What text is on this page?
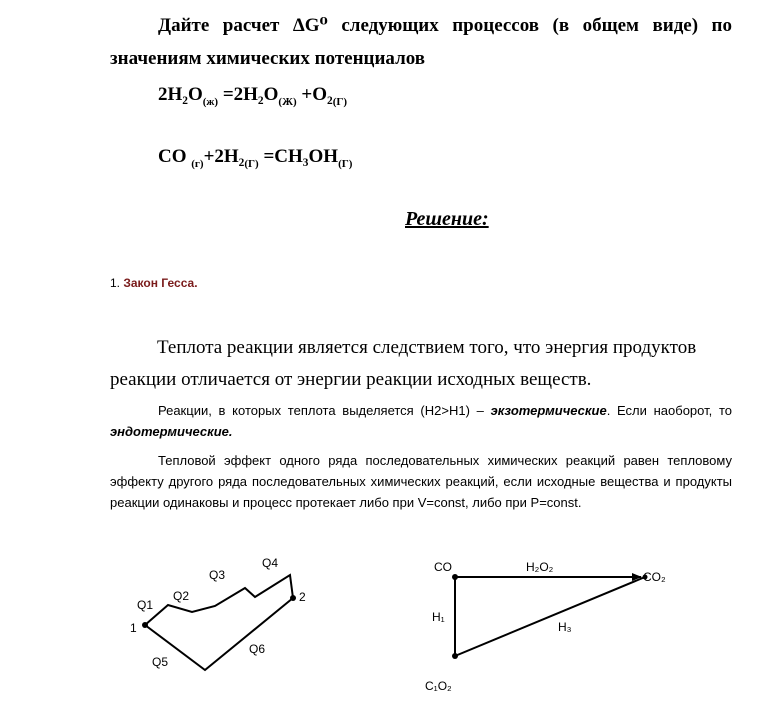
Дайте расчет ΔG⁰ следующих процессов (в общем виде) по
значениям химических потенциалов
$2H_2O_{(ж)} =2H_2O_{(Ж)} +O_2_{(Г)}$
CO $_{(г)}+2H_2_{(Г)} =CH_3OH_{(Г)}$
Решение:
1. Закон Гесса.
Теплота реакции является следствием того, что энергия продуктов
реакции отличается от энергии реакции исходных веществ.
Реакции, в которых теплота выделяется (H2>H1) – экзотермические. Если наоборот, то эндотермические.
Тепловой эффект одного ряда последовательных химических реакций равен тепловому эффекту другого ряда последовательных химических реакций, если исходные вещества и продукты реакции одинаковы и процесс протекает либо при V=const, либо при P=const.
1
2
Q1
Q2
Q3
Q4
Q5
Q6
CO	H₂O₂
CO₂
H₁
H₃
C₁O₂
